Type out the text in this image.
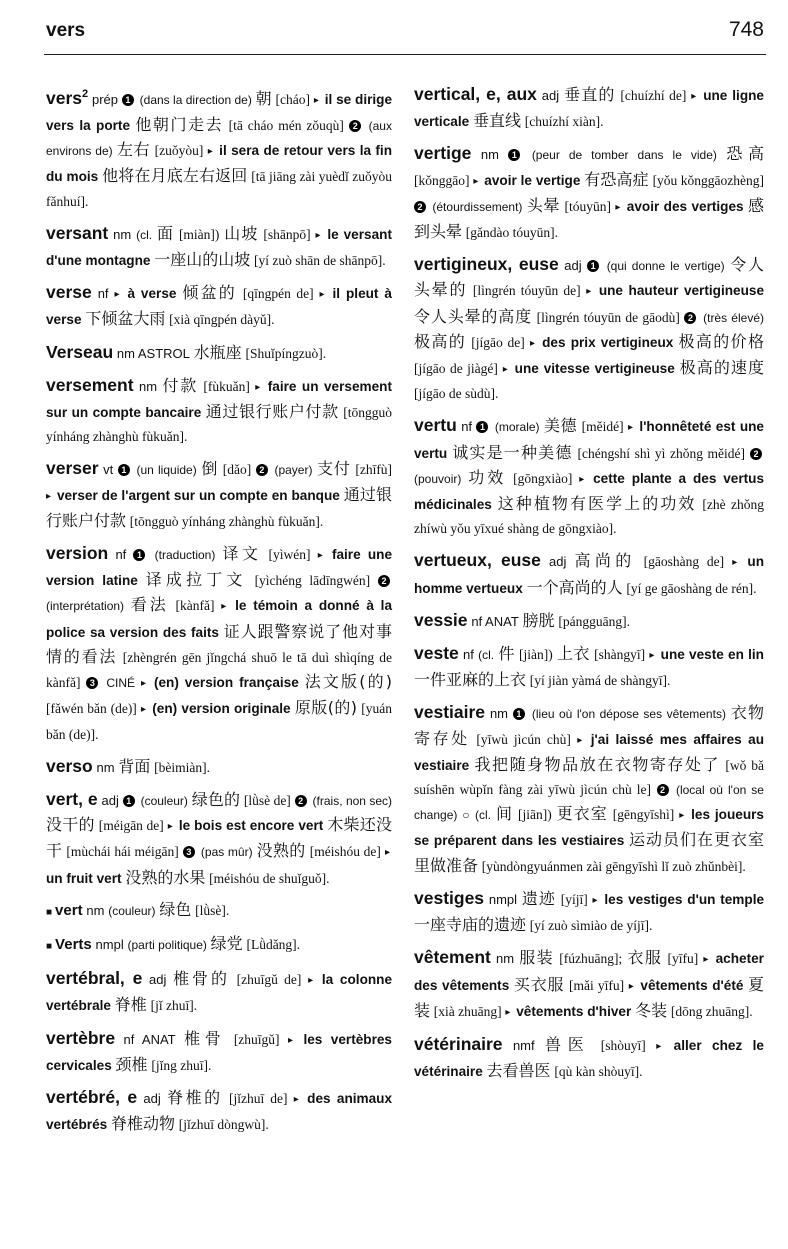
vers	748
vers$^2$ prép 1 (dans la direction de) 朝 [cháo] ▸ il se dirige vers la porte 他朝门走去 [tā cháo mén zǒuqù] 2 (aux environs de) 左右 [zuǒyòu] ▸ il sera de retour vers la fin du mois 他将在月底左右返回 [tā jiāng zài yuèdǐ zuǒyòu fǎnhuí].
versant nm (cl. 面 [miàn]) 山坡 [shānpō] ▸ le versant d'une montagne 一座山的山坡 [yí zuò shān de shānpō].
verse nf ▸ à verse 倾盆的 [qīngpén de] ▸ il pleut à verse 下倾盆大雨 [xià qīngpén dàyǔ].
Verseau nm ASTROL 水瓶座 [Shuǐpíngzuò].
versement nm 付款 [fùkuǎn] ▸ faire un versement sur un compte bancaire 通过银行账户付款 [tōngguò yínháng zhànghù fùkuǎn].
verser vt 1 (un liquide) 倒 [dǎo] 2 (payer) 支付 [zhīfù] ▸ verser de l'argent sur un compte en banque 通过银行账户付款 [tōngguò yínháng zhànghù fùkuǎn].
version nf 1 (traduction) 译文 [yìwén] ▸ faire une version latine 译成拉丁文 [yìchéng lādīngwén] 2 (interprétation) 看法 [kànfǎ] ▸ le témoin a donné à la police sa version des faits 证人跟警察说了他对事情的看法 [zhèngrén gēn jǐngchá shuō le tā duì shìqíng de kànfǎ] 3 CINÉ ▸ (en) version française 法文版(的) [fǎwén bǎn (de)] ▸ (en) version originale 原版(的) [yuán bǎn (de)].
verso nm 背面 [bèimiàn].
vert, e adj 1 (couleur) 绿色的 [lǜsè de] 2 (frais, non sec) 没干的 [méigān de] ▸ le bois est encore vert 木柴还没干 [mùchái hái méigān] 3 (pas mûr) 没熟的 [méishóu de] ▸ un fruit vert 没熟的水果 [méishóu de shuǐguǒ].
■ vert nm (couleur) 绿色 [lǜsè].
■ Verts nmpl (parti politique) 绿党 [Lǜdǎng].
vertébral, e adj 椎骨的 [zhuīgǔ de] ▸ la colonne vertébrale 脊椎 [jǐ zhuī].
vertèbre nf ANAT 椎骨 [zhuīgǔ] ▸ les vertèbres cervicales 颈椎 [jǐng zhuī].
vertébré, e adj 脊椎的 [jǐzhuī de] ▸ des animaux vertébrés 脊椎动物 [jǐzhuī dòngwù].
vertical, e, aux adj 垂直的 [chuízhí de] ▸ une ligne verticale 垂直线 [chuízhí xiàn].
vertige nm 1 (peur de tomber dans le vide) 恐高 [kǒnggāo] ▸ avoir le vertige 有恐高症 [yǒu kǒnggāozhèng] 2 (étourdissement) 头晕 [tóuyūn] ▸ avoir des vertiges 感到头晕 [gǎndào tóuyūn].
vertigineux, euse adj 1 (qui donne le vertige) 令人头晕的 [lìngrén tóuyūn de] ▸ une hauteur vertigineuse 令人头晕的高度 [lìngrén tóuyūn de gāodù] 2 (très élevé) 极高的 [jígāo de] ▸ des prix vertigineux 极高的价格 [jígāo de jiàgé] ▸ une vitesse vertigineuse 极高的速度 [jígāo de sùdù].
vertu nf 1 (morale) 美德 [měidé] ▸ l'honnêteté est une vertu 诚实是一种美德 [chéngshí shì yì zhǒng měidé] 2 (pouvoir) 功效 [gōngxiào] ▸ cette plante a des vertus médicinales 这种植物有医学上的功效 [zhè zhǒng zhíwù yǒu yīxué shàng de gōngxiào].
vertueux, euse adj 高尚的 [gāoshàng de] ▸ un homme vertueux 一个高尚的人 [yí ge gāoshàng de rén].
vessie nf ANAT 膀胱 [pángguāng].
veste nf (cl. 件 [jiàn]) 上衣 [shàngyī] ▸ une veste en lin 一件亚麻的上衣 [yí jiàn yàmá de shàngyī].
vestiaire nm 1 (lieu où l'on dépose ses vêtements) 衣物寄存处 [yīwù jìcún chù] ▸ j'ai laissé mes affaires au vestiaire 我把随身物品放在衣物寄存处了 [wǒ bǎ suíshēn wùpǐn fàng zài yīwù jìcún chù le] 2 (local où l'on se change) ○ (cl. 间 [jiān]) 更衣室 [gēngyīshì] ▸ les joueurs se préparent dans les vestiaires 运动员们在更衣室里做准备 [yùndòngyuánmen zài gēngyīshì lǐ zuò zhǔnbèi].
vestiges nmpl 遗迹 [yíjī] ▸ les vestiges d'un temple 一座寺庙的遗迹 [yí zuò sìmiào de yíjī].
vêtement nm 服装 [fúzhuāng]; 衣服 [yīfu] ▸ acheter des vêtements 买衣服 [mǎi yīfu] ▸ vêtements d'été 夏装 [xià zhuāng] ▸ vêtements d'hiver 冬装 [dōng zhuāng].
vétérinaire nmf 兽医 [shòuyī] ▸ aller chez le vétérinaire 去看兽医 [qù kàn shòuyī].
